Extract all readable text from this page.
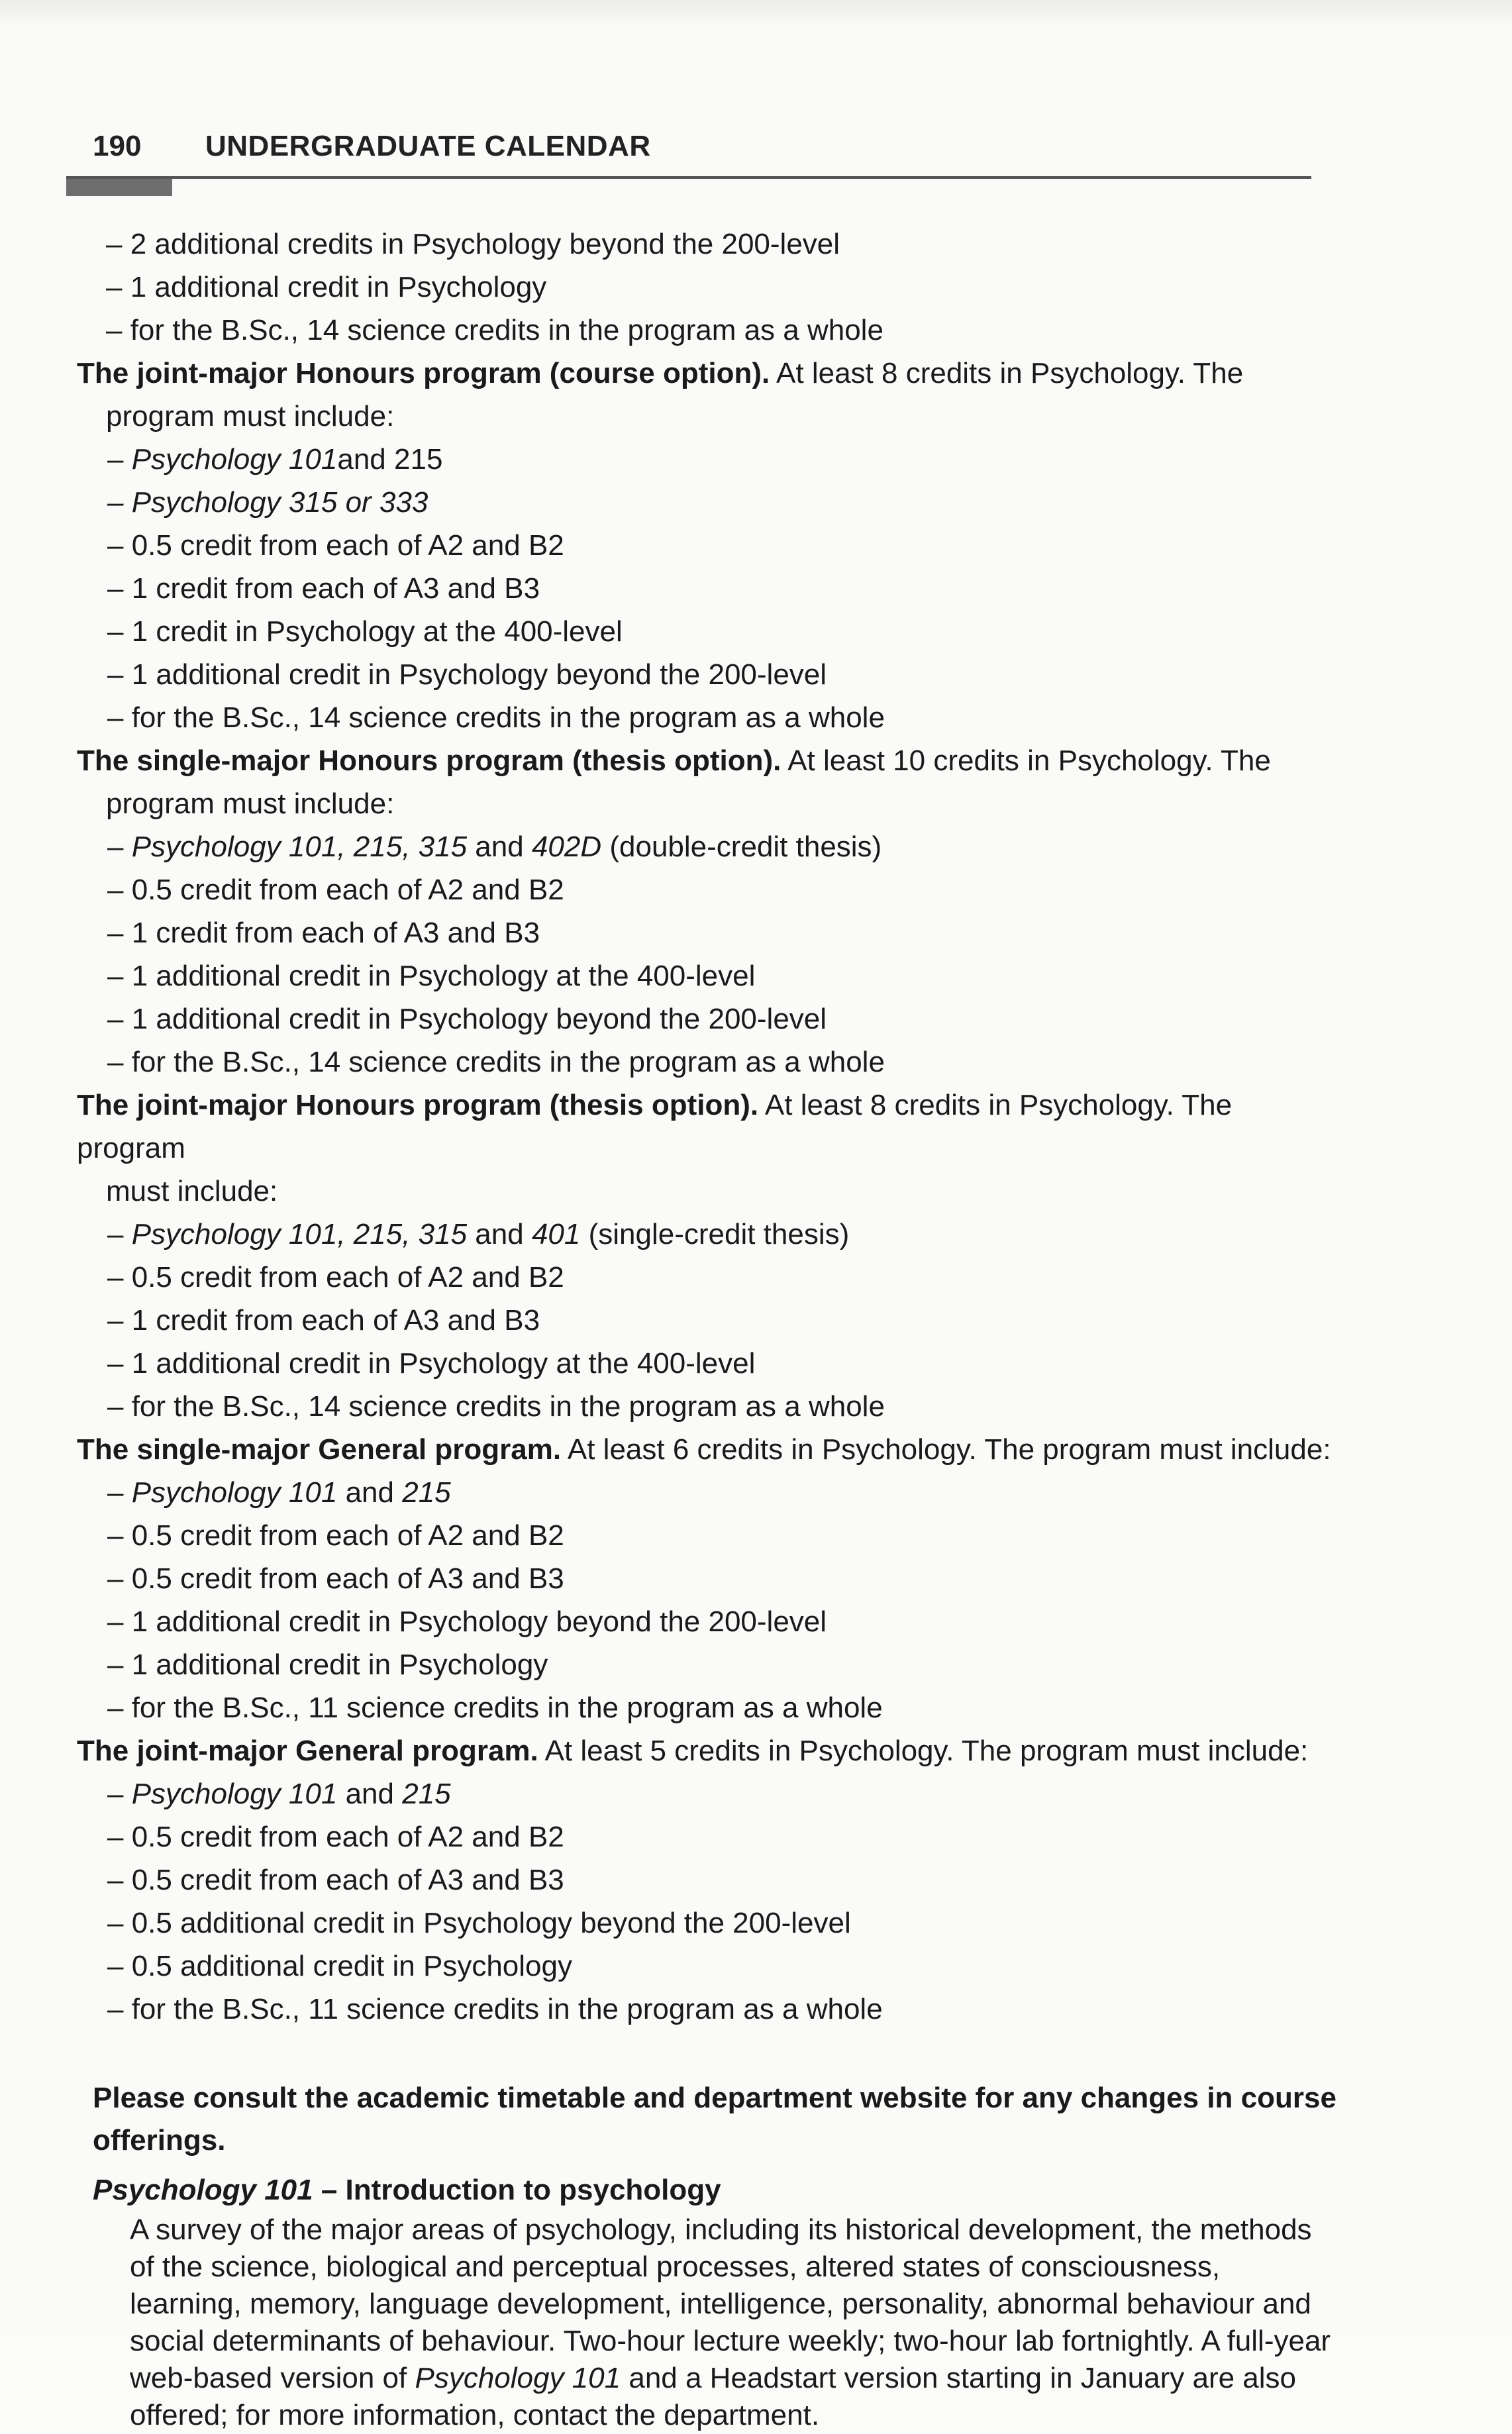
190 UNDERGRADUATE CALENDAR
– 2 additional credits in Psychology beyond the 200-level
– 1 additional credit in Psychology
– for the B.Sc., 14 science credits in the program as a whole
The joint-major Honours program (course option). At least 8 credits in Psychology. The
program must include:
– Psychology 101and 215
– Psychology 315 or 333
– 0.5 credit from each of A2 and B2
– 1 credit from each of A3 and B3
– 1 credit in Psychology at the 400-level
– 1 additional credit in Psychology beyond the 200-level
– for the B.Sc., 14 science credits in the program as a whole
The single-major Honours program (thesis option). At least 10 credits in Psychology. The
program must include:
– Psychology 101, 215, 315 and 402D (double-credit thesis)
– 0.5 credit from each of A2 and B2
– 1 credit from each of A3 and B3
– 1 additional credit in Psychology at the 400-level
– 1 additional credit in Psychology beyond the 200-level
– for the B.Sc., 14 science credits in the program as a whole
The joint-major Honours program (thesis option). At least 8 credits in Psychology. The program
must include:
– Psychology 101, 215, 315 and 401 (single-credit thesis)
– 0.5 credit from each of A2 and B2
– 1 credit from each of A3 and B3
– 1 additional credit in Psychology at the 400-level
– for the B.Sc., 14 science credits in the program as a whole
The single-major General program. At least 6 credits in Psychology. The program must include:
– Psychology 101 and 215
– 0.5 credit from each of A2 and B2
– 0.5 credit from each of A3 and B3
– 1 additional credit in Psychology beyond the 200-level
– 1 additional credit in Psychology
– for the B.Sc., 11 science credits in the program as a whole
The joint-major General program. At least 5 credits in Psychology. The program must include:
– Psychology 101 and 215
– 0.5 credit from each of A2 and B2
– 0.5 credit from each of A3 and B3
– 0.5 additional credit in Psychology beyond the 200-level
– 0.5 additional credit in Psychology
– for the B.Sc., 11 science credits in the program as a whole
Please consult the academic timetable and department website for any changes in course offerings.
Psychology 101 – Introduction to psychology
A survey of the major areas of psychology, including its historical development, the methods of the science, biological and perceptual processes, altered states of consciousness, learning, memory, language development, intelligence, personality, abnormal behaviour and social determinants of behaviour. Two-hour lecture weekly; two-hour lab fortnightly. A full-year web-based version of Psychology 101 and a Headstart version starting in January are also offered; for more information, contact the department.
